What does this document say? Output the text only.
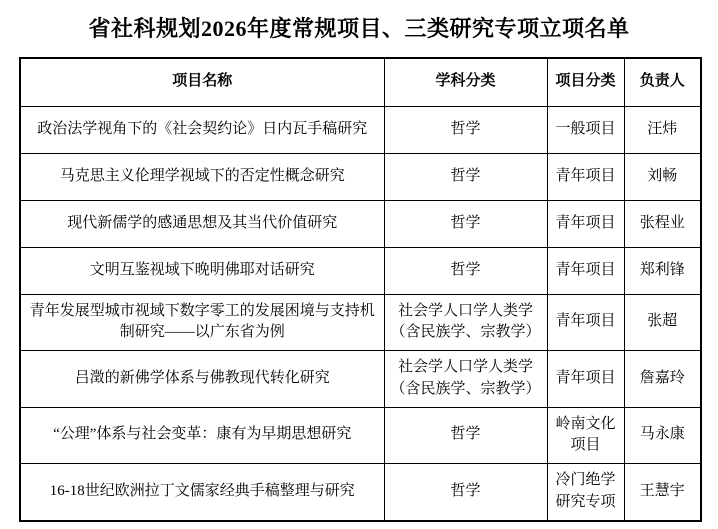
省社科规划2026年度常规项目、三类研究专项立项名单
项目名称	学科分类	项目分类	负责人
政治法学视角下的《社会契约论》日内瓦手稿研究	哲学	一般项目	汪炜
马克思主义伦理学视域下的否定性概念研究	哲学	青年项目	刘畅
现代新儒学的感通思想及其当代价值研究	哲学	青年项目	张程业
文明互鉴视域下晚明佛耶对话研究	哲学	青年项目	郑利锋
青年发展型城市视域下数字零工的发展困境与支持机制研究——以广东省为例	社会学人口学人类学（含民族学、宗教学）	青年项目	张超
吕澂的新佛学体系与佛教现代转化研究	社会学人口学人类学（含民族学、宗教学）	青年项目	詹嘉玲
“公理”体系与社会变革：康有为早期思想研究	哲学	岭南文化项目	马永康
16-18世纪欧洲拉丁文儒家经典手稿整理与研究	哲学	冷门绝学研究专项	王慧宇
